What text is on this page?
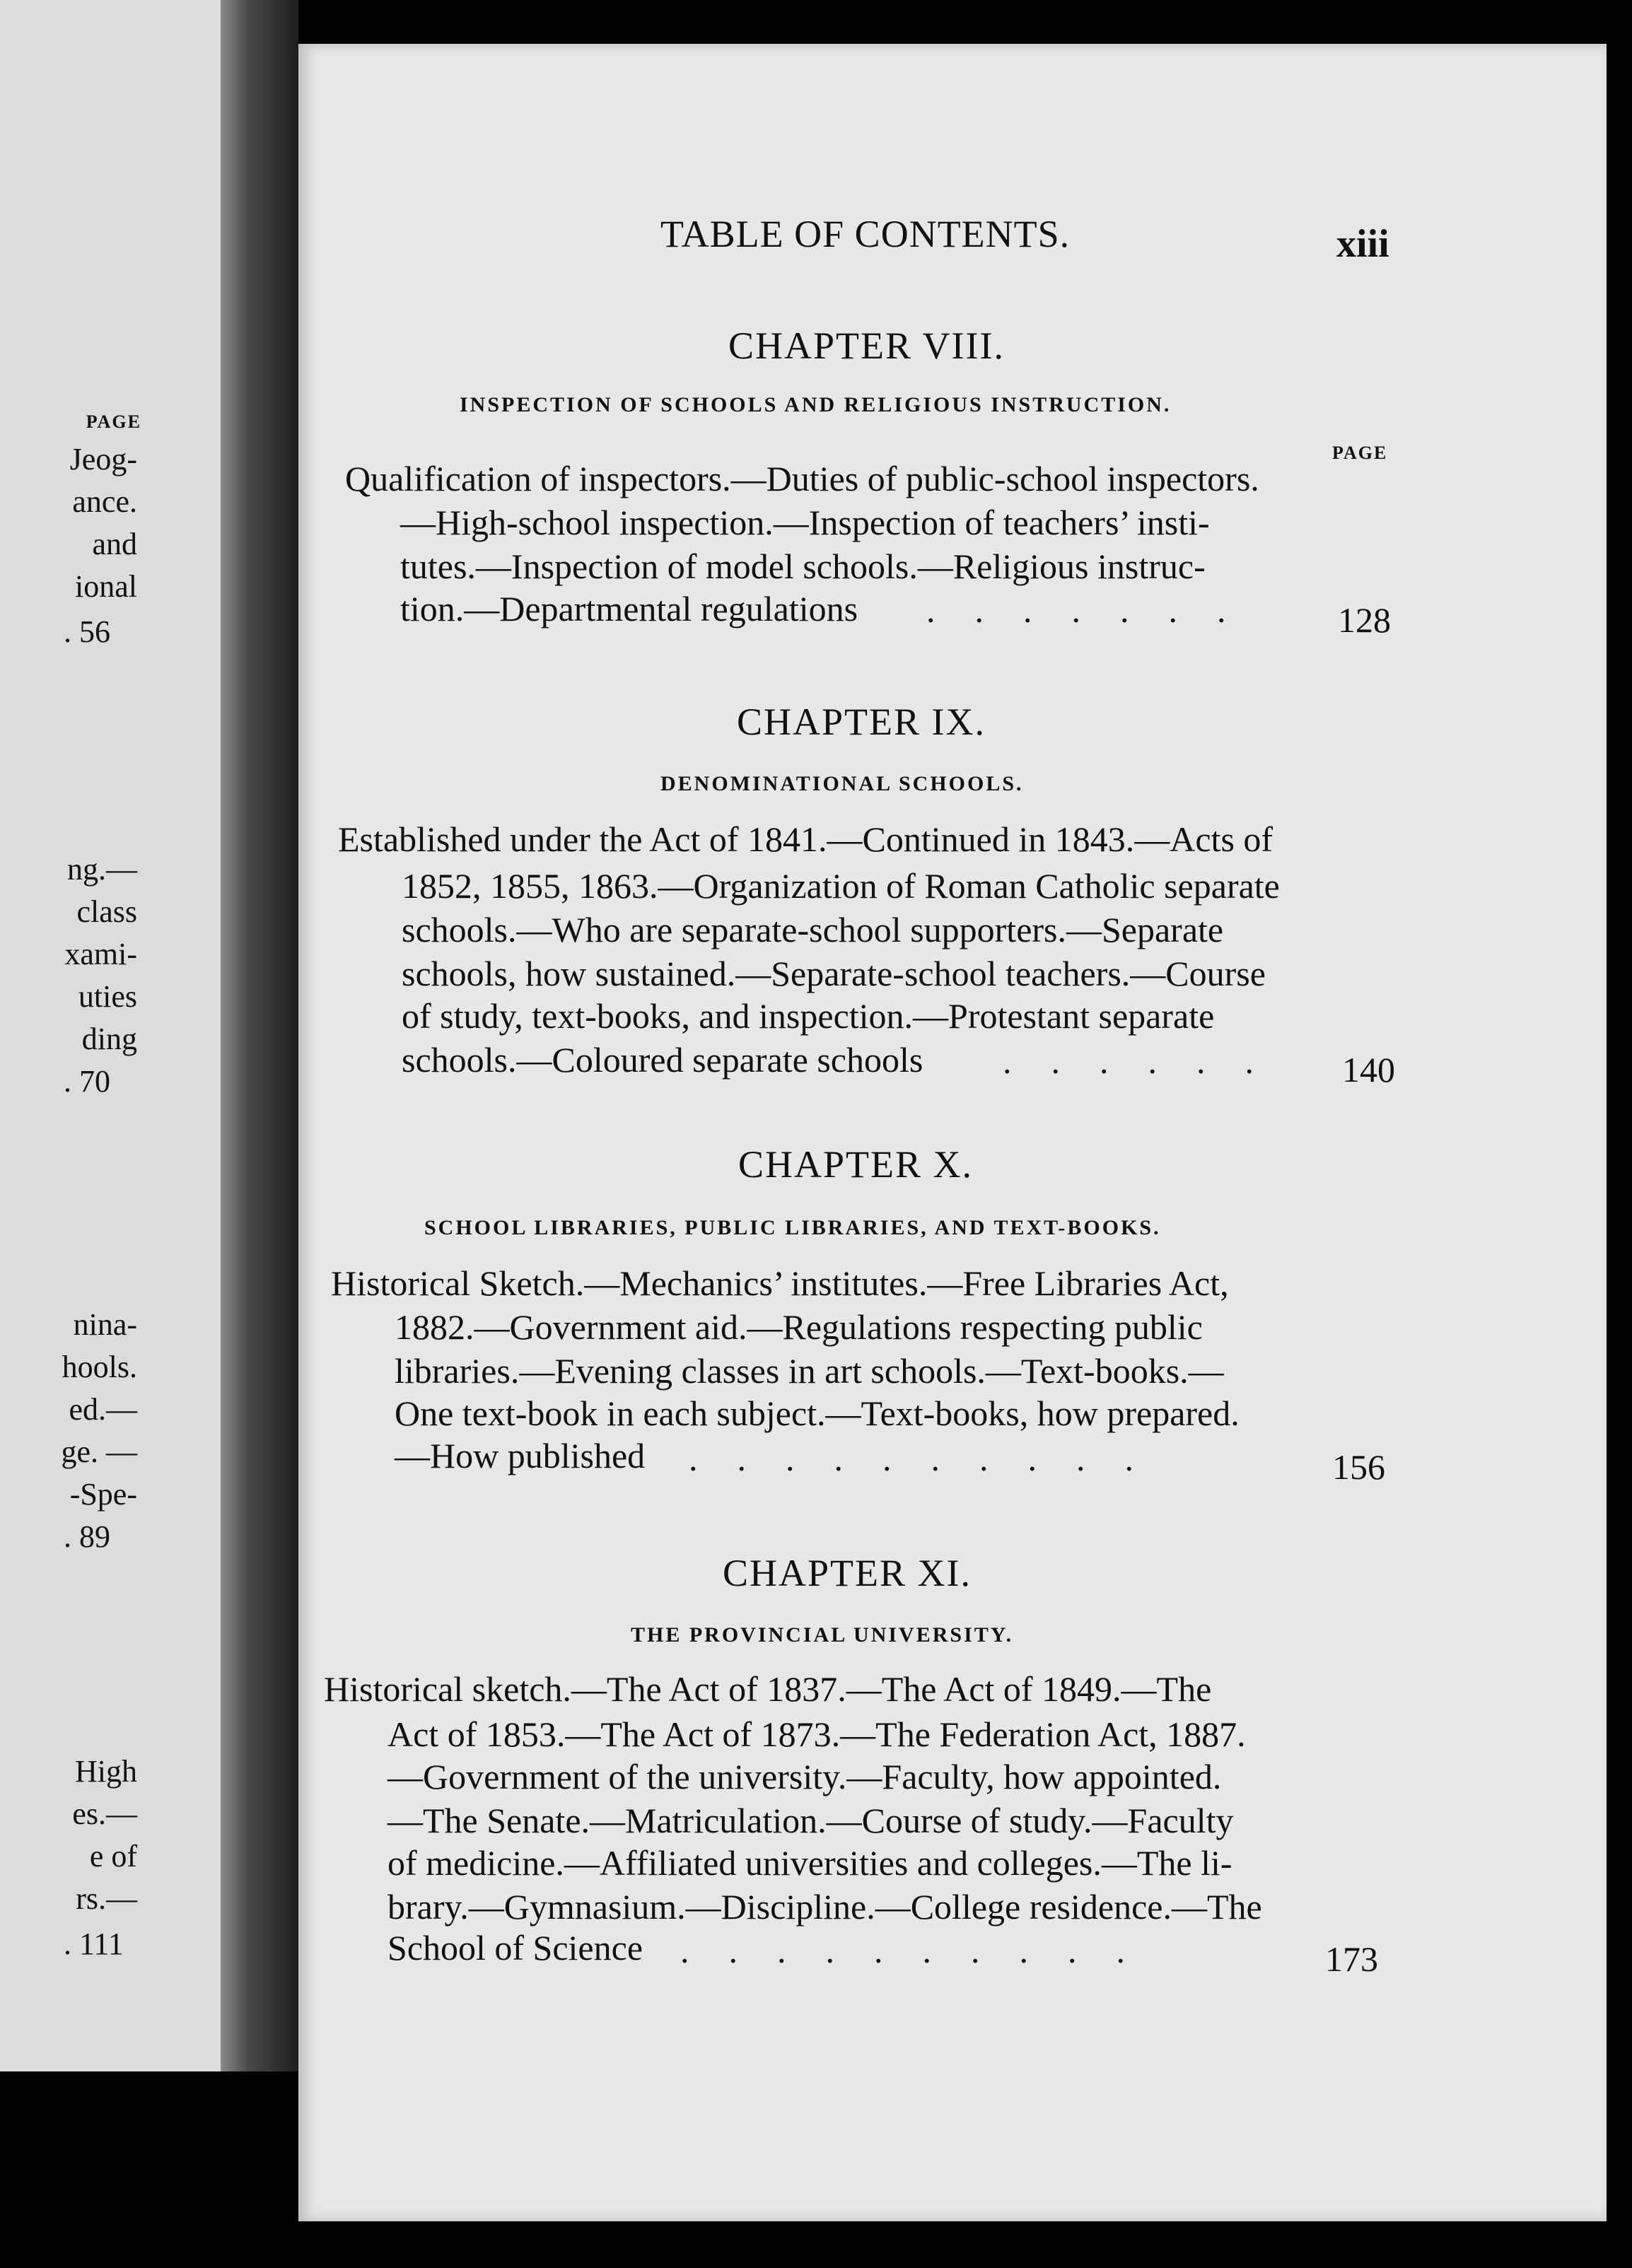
PAGE
Jeog-
ance.
and
ional
. 56
ng.—
class
xami-
uties
ding
. 70
nina-
hools.
ed.—
ge. —
-Spe-
. 89
High
es.—
e of
rs.—
. 111
TABLE OF CONTENTS.	xiii
CHAPTER VIII.
INSPECTION OF SCHOOLS AND RELIGIOUS INSTRUCTION.
PAGE
Qualification of inspectors.—Duties of public-school inspectors.
—High-school inspection.—Inspection of teachers’ insti-
tutes.—Inspection of model schools.—Religious instruc-
tion.—Departmental regulations ....... 128
CHAPTER IX.
DENOMINATIONAL SCHOOLS.
Established under the Act of 1841.—Continued in 1843.—Acts of
1852, 1855, 1863.—Organization of Roman Catholic separate
schools.—Who are separate-school supporters.—Separate
schools, how sustained.—Separate-school teachers.—Course
of study, text-books, and inspection.—Protestant separate
schools.—Coloured separate schools ...... 140
CHAPTER X.
SCHOOL LIBRARIES, PUBLIC LIBRARIES, AND TEXT-BOOKS.
Historical Sketch.—Mechanics’ institutes.—Free Libraries Act,
1882.—Government aid.—Regulations respecting public
libraries.—Evening classes in art schools.—Text-books.—
One text-book in each subject.—Text-books, how prepared.
—How published ..........	156
CHAPTER XI.
THE PROVINCIAL UNIVERSITY.
Historical sketch.—The Act of 1837.—The Act of 1849.—The
Act of 1853.—The Act of 1873.—The Federation Act, 1887.
—Government of the university.—Faculty, how appointed.
—The Senate.—Matriculation.—Course of study.—Faculty
of medicine.—Affiliated universities and colleges.—The li-
brary.—Gymnasium.—Discipline.—College residence.—The
School of Science ..........	173
